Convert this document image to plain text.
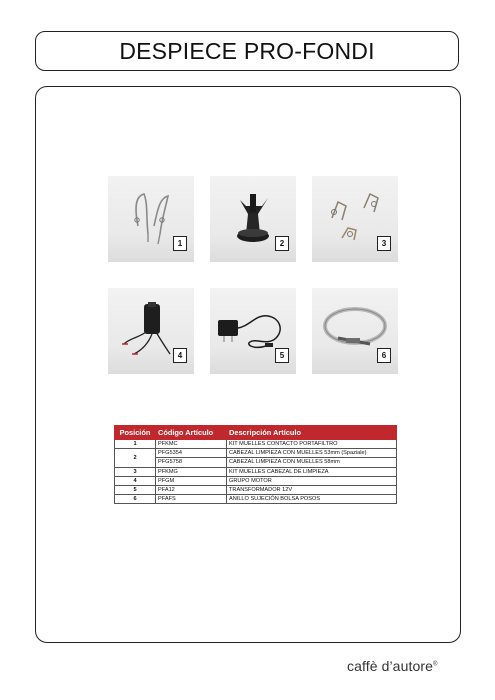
DESPIECE PRO-FONDI
1	2	3
4	5	6
Posición	Código Artículo	Descripción Artículo
1	PFKMC	KIT MUELLES CONTACTO PORTAFILTRO
2	PFG5354	CABEZAL LIMPIEZA CON MUELLES 53mm (Spaziale)
	PFG5758	CABEZAL LIMPIEZA CON MUELLES 58mm
3	PFKMG	KIT MUELLES CABEZAL DE LIMPIEZA
4	PFGM	GRUPO MOTOR
5	PFA12	TRANSFORMADOR 12V
6	PFAFS	ANILLO SUJECIÓN BOLSA POSOS
caffè d’autore®
